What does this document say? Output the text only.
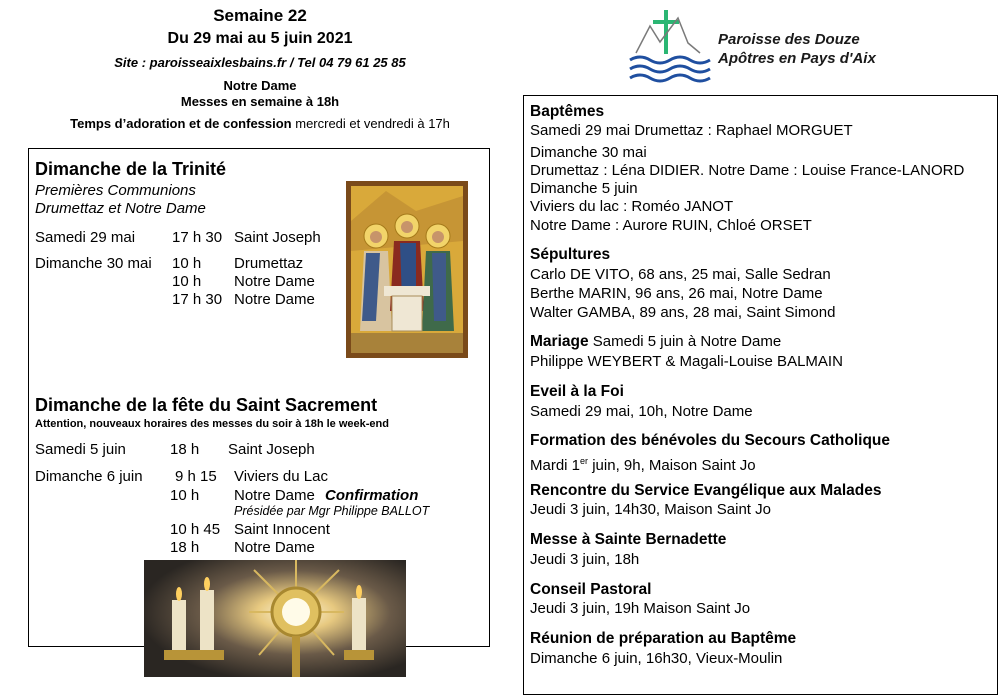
Semaine 22
Du 29 mai au 5 juin 2021
Site : paroisseaixlesbains.fr / Tel 04 79 61 25 85
Notre Dame
Messes en semaine à 18h
Temps d’adoration et de confession mercredi et vendredi à 17h
Paroisse des Douze
Apôtres en Pays d'Aix
Dimanche de la Trinité
Premières Communions
Drumettaz et Notre Dame
Samedi 29 mai 17 h 30 Saint Joseph
Dimanche 30 mai 10 h Drumettaz
10 h Notre Dame
17 h 30 Notre Dame
Dimanche de la fête du Saint Sacrement
Attention, nouveaux horaires des messes du soir à 18h le week-end
Samedi 5 juin	18 h Saint Joseph
Dimanche 6 juin 9 h 15 Viviers du Lac
10 h Notre Dame Confirmation
Présidée par Mgr Philippe BALLOT
10 h 45 Saint Innocent
18 h Notre Dame
Baptêmes
Samedi 29 mai Drumettaz : Raphael MORGUET
Dimanche 30 mai
Drumettaz : Léna DIDIER. Notre Dame : Louise France-LANORD
Dimanche 5 juin
Viviers du lac : Roméo JANOT
Notre Dame : Aurore RUIN, Chloé ORSET
Sépultures
Carlo DE VITO, 68 ans, 25 mai, Salle Sedran
Berthe MARIN, 96 ans, 26 mai, Notre Dame
Walter GAMBA, 89 ans, 28 mai, Saint Simond
Mariage Samedi 5 juin à Notre Dame
Philippe WEYBERT & Magali-Louise BALMAIN
Eveil à la Foi
Samedi 29 mai, 10h, Notre Dame
Formation des bénévoles du Secours Catholique
Mardi 1er juin, 9h, Maison Saint Jo
Rencontre du Service Evangélique aux Malades
Jeudi 3 juin, 14h30, Maison Saint Jo
Messe à Sainte Bernadette
Jeudi 3 juin, 18h
Conseil Pastoral
Jeudi 3 juin, 19h Maison Saint Jo
Réunion de préparation au Baptême
Dimanche 6 juin, 16h30, Vieux-Moulin
